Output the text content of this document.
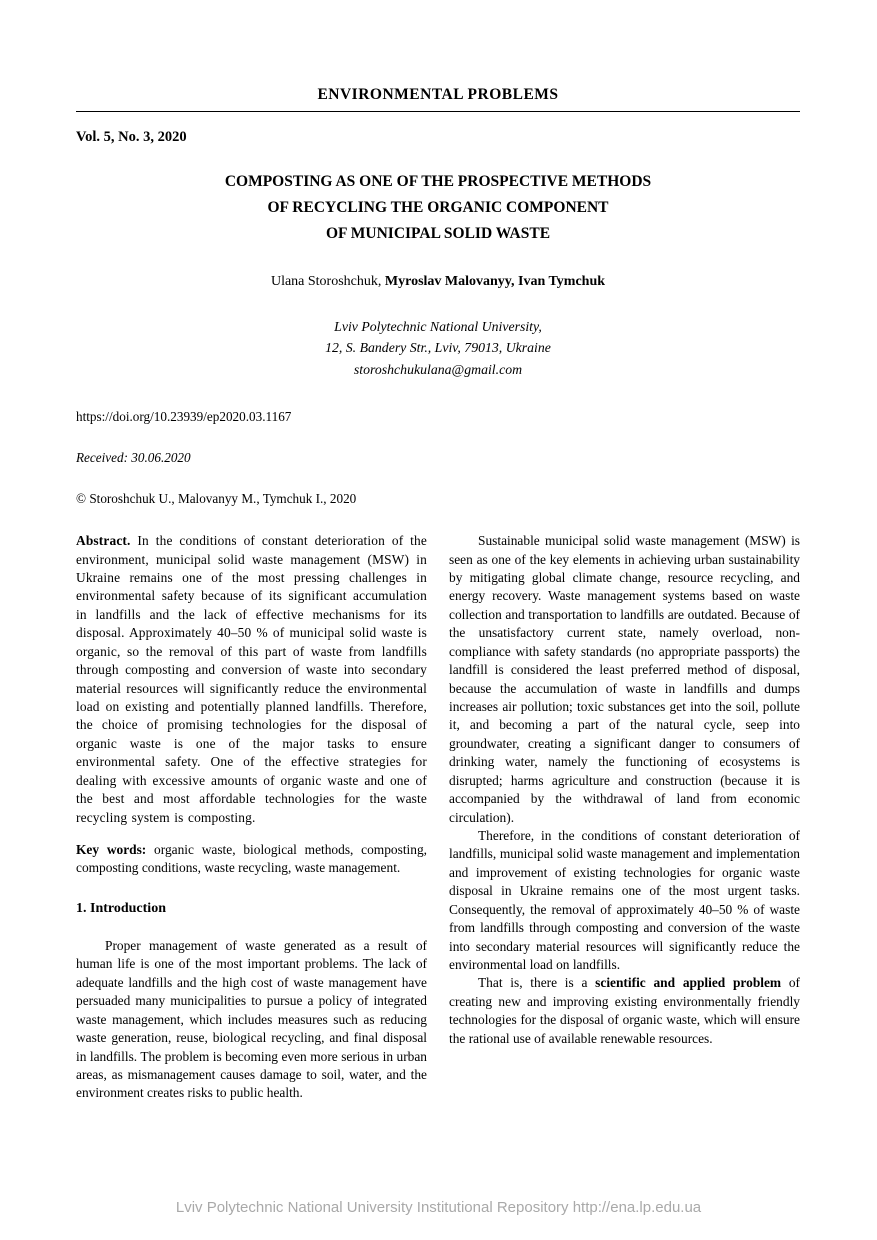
ENVIRONMENTAL PROBLEMS
Vol. 5, No. 3, 2020
COMPOSTING AS ONE OF THE PROSPECTIVE METHODS
OF RECYCLING THE ORGANIC COMPONENT
OF MUNICIPAL SOLID WASTE
Ulana Storoshchuk, Myroslav Malovanyy, Ivan Tymchuk
Lviv Polytechnic National University,
12, S. Bandery Str., Lviv, 79013, Ukraine
storoshchukulana@gmail.com
https://doi.org/10.23939/ep2020.03.1167
Received: 30.06.2020
© Storoshchuk U., Malovanyy M., Tymchuk I., 2020

Abstract. In the conditions of constant deterioration of the environment, municipal solid waste management (MSW) in Ukraine remains one of the most pressing challenges in environmental safety because of its significant accumulation in landfills and the lack of effective mechanisms for its disposal. Approximately 40–50 % of municipal solid waste is organic, so the removal of this part of waste from landfills through composting and conversion of waste into secondary material resources will significantly reduce the environmental load on existing and potentially planned landfills. Therefore, the choice of promising technologies for the disposal of organic waste is one of the major tasks to ensure environmental safety. One of the effective strategies for dealing with excessive amounts of organic waste and one of the best and most affordable technologies for the waste recycling system is composting.

Key words: organic waste, biological methods, composting, composting conditions, waste recycling, waste management.

1. Introduction

Proper management of waste generated as a result of human life is one of the most important problems. The lack of adequate landfills and the high cost of waste management have persuaded many municipalities to pursue a policy of integrated waste management, which includes measures such as reducing waste generation, reuse, biological recycling, and final disposal in landfills. The problem is becoming even more serious in urban areas, as mismanagement causes damage to soil, water, and the environment creates risks to public health.

Sustainable municipal solid waste management (MSW) is seen as one of the key elements in achieving urban sustainability by mitigating global climate change, resource recycling, and energy recovery. Waste management systems based on waste collection and transportation to landfills are outdated. Because of the unsatisfactory current state, namely overload, non-compliance with safety standards (no appropriate passports) the landfill is considered the least preferred method of disposal, because the accumulation of waste in landfills and dumps increases air pollution; toxic substances get into the soil, pollute it, and becoming a part of the natural cycle, seep into groundwater, creating a significant danger to consumers of drinking water, namely the functioning of ecosystems is disrupted; harms agriculture and construction (because it is accompanied by the withdrawal of land from economic circulation).

Therefore, in the conditions of constant deterioration of landfills, municipal solid waste management and implementation and improvement of existing technologies for organic waste disposal in Ukraine remains one of the most urgent tasks. Consequently, the removal of approximately 40–50 % of waste from landfills through composting and conversion of the waste into secondary material resources will significantly reduce the environmental load on landfills.

That is, there is a scientific and applied problem of creating new and improving existing environmentally friendly technologies for the disposal of organic waste, which will ensure the rational use of available renewable resources.

Lviv Polytechnic National University Institutional Repository http://ena.lp.edu.ua
